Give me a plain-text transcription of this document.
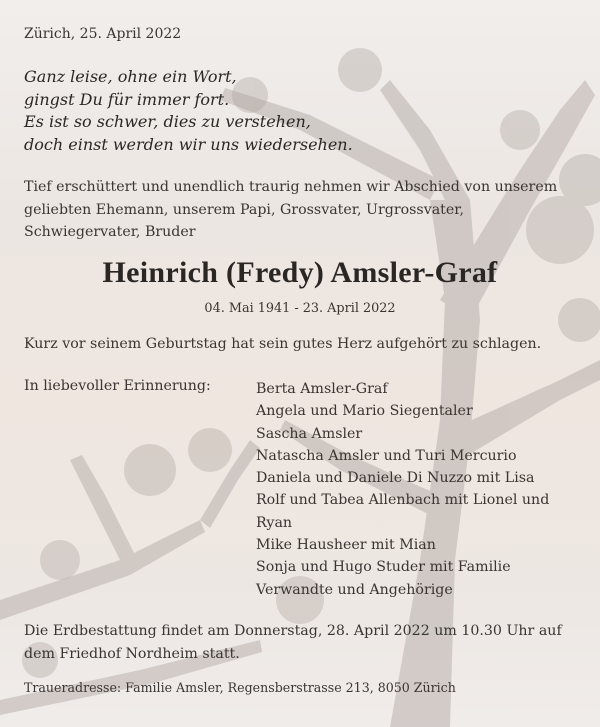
Zürich, 25. April 2022
Ganz leise, ohne ein Wort,
gingst Du für immer fort.
Es ist so schwer, dies zu verstehen,
doch einst werden wir uns wiedersehen.
Tief erschüttert und unendlich traurig nehmen wir Abschied von unserem geliebten Ehemann, unserem Papi, Grossvater, Urgrossvater, Schwiegervater, Bruder
Heinrich (Fredy) Amsler-Graf
04. Mai 1941 - 23. April 2022
Kurz vor seinem Geburtstag hat sein gutes Herz aufgehört zu schlagen.
In liebevoller Erinnerung:	Berta Amsler-Graf
Angela und Mario Siegentaler
Sascha Amsler
Natascha Amsler und Turi Mercurio
Daniela und Daniele Di Nuzzo mit Lisa
Rolf und Tabea Allenbach mit Lionel und Ryan
Mike Hausheer mit Mian
Sonja und Hugo Studer mit Familie
Verwandte und Angehörige
Die Erdbestattung findet am Donnerstag, 28. April 2022 um 10.30 Uhr auf dem Friedhof Nordheim statt.
Traueradresse: Familie Amsler, Regensberstrasse 213, 8050 Zürich
